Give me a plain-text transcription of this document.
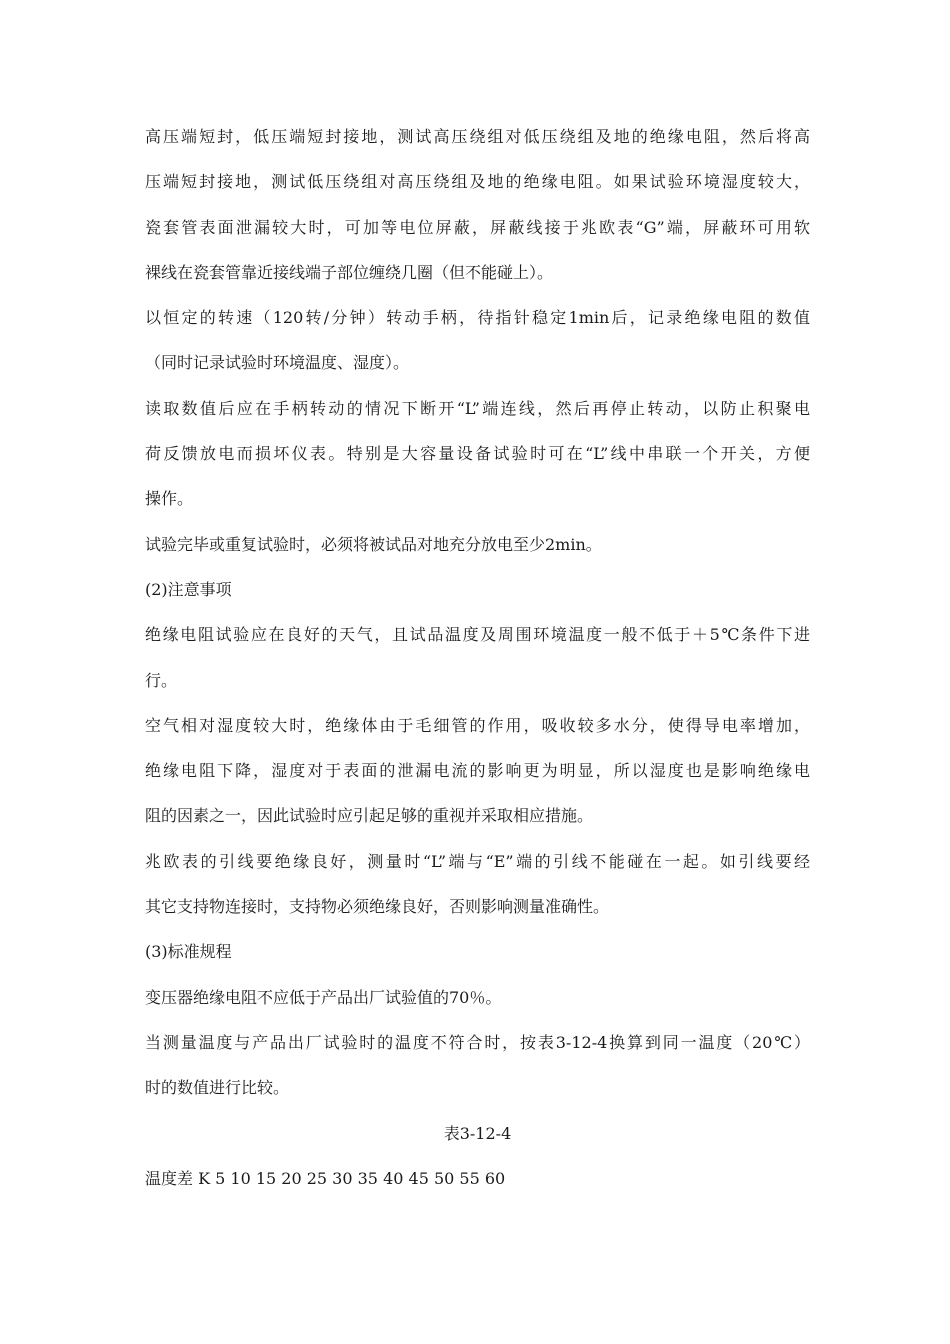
高压端短封，低压端短封接地，测试高压绕组对低压绕组及地的绝缘电阻，然后将高
压端短封接地，测试低压绕组对高压绕组及地的绝缘电阻。如果试验环境湿度较大，
瓷套管表面泄漏较大时，可加等电位屏蔽，屏蔽线接于兆欧表“G”端，屏蔽环可用软
裸线在瓷套管靠近接线端子部位缠绕几圈（但不能碰上）。
以恒定的转速（120转/分钟）转动手柄，待指针稳定1min后，记录绝缘电阻的数值
（同时记录试验时环境温度、湿度）。
读取数值后应在手柄转动的情况下断开“L”端连线，然后再停止转动，以防止积聚电
荷反馈放电而损坏仪表。特别是大容量设备试验时可在“L”线中串联一个开关，方便
操作。
试验完毕或重复试验时，必须将被试品对地充分放电至少2min。
(2)注意事项
绝缘电阻试验应在良好的天气，且试品温度及周围环境温度一般不低于＋5℃条件下进
行。
空气相对湿度较大时，绝缘体由于毛细管的作用，吸收较多水分，使得导电率增加，
绝缘电阻下降，湿度对于表面的泄漏电流的影响更为明显，所以湿度也是影响绝缘电
阻的因素之一，因此试验时应引起足够的重视并采取相应措施。
兆欧表的引线要绝缘良好，测量时“L”端与“E”端的引线不能碰在一起。如引线要经
其它支持物连接时，支持物必须绝缘良好，否则影响测量准确性。
(3)标准规程
变压器绝缘电阻不应低于产品出厂试验值的70％。
当测量温度与产品出厂试验时的温度不符合时，按表3-12-4换算到同一温度（20℃）
时的数值进行比较。
表3-12-4
温度差 K 5 10 15 20 25 30 35 40 45 50 55 60
